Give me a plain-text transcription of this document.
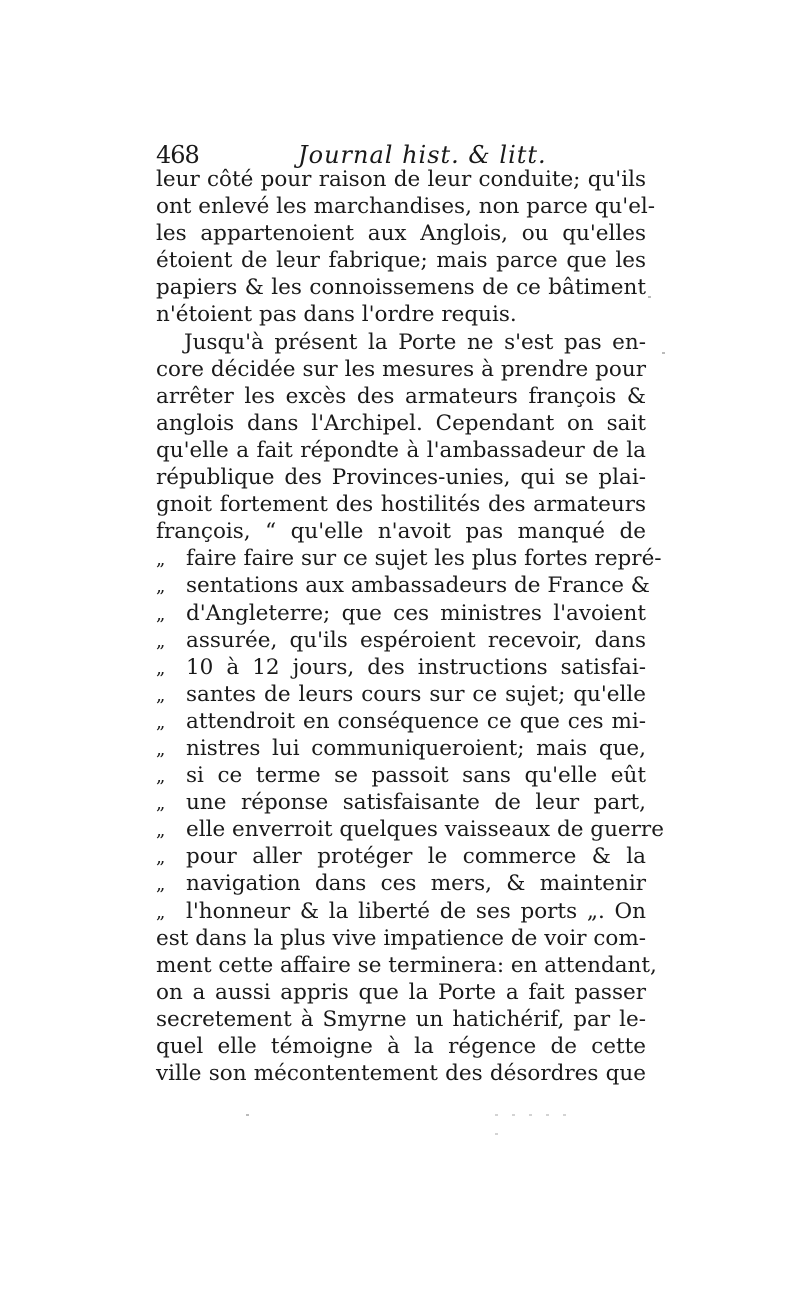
468	Journal hist. & litt.
leur côté pour raison de leur conduite; qu'ils
ont enlevé les marchandises, non parce qu'el-
les appartenoient aux Anglois, ou qu'elles
étoient de leur fabrique; mais parce que les
papiers & les connoissemens de ce bâtiment
n'étoient pas dans l'ordre requis.
Jusqu'à présent la Porte ne s'est pas en-
core décidée sur les mesures à prendre pour
arrêter les excès des armateurs françois &
anglois dans l'Archipel. Cependant on sait
qu'elle a fait répondte à l'ambassadeur de la
république des Provinces-unies, qui se plai-
gnoit fortement des hostilités des armateurs
françois, “ qu'elle n'avoit pas manqué de
„ faire faire sur ce sujet les plus fortes repré-
„ sentations aux ambassadeurs de France &
„ d'Angleterre; que ces ministres l'avoient
„ assurée, qu'ils espéroient recevoir, dans
„ 10 à 12 jours, des instructions satisfai-
„ santes de leurs cours sur ce sujet; qu'elle
„ attendroit en conséquence ce que ces mi-
„ nistres lui communiqueroient; mais que,
„ si ce terme se passoit sans qu'elle eût
„ une réponse satisfaisante de leur part,
„ elle enverroit quelques vaisseaux de guerre
„ pour aller protéger le commerce & la
„ navigation dans ces mers, & maintenir
„ l'honneur & la liberté de ses ports „. On
est dans la plus vive impatience de voir com-
ment cette affaire se terminera: en attendant,
on a aussi appris que la Porte a fait passer
secretement à Smyrne un hatichérif, par le-
quel elle témoigne à la régence de cette
ville son mécontentement des désordres que
